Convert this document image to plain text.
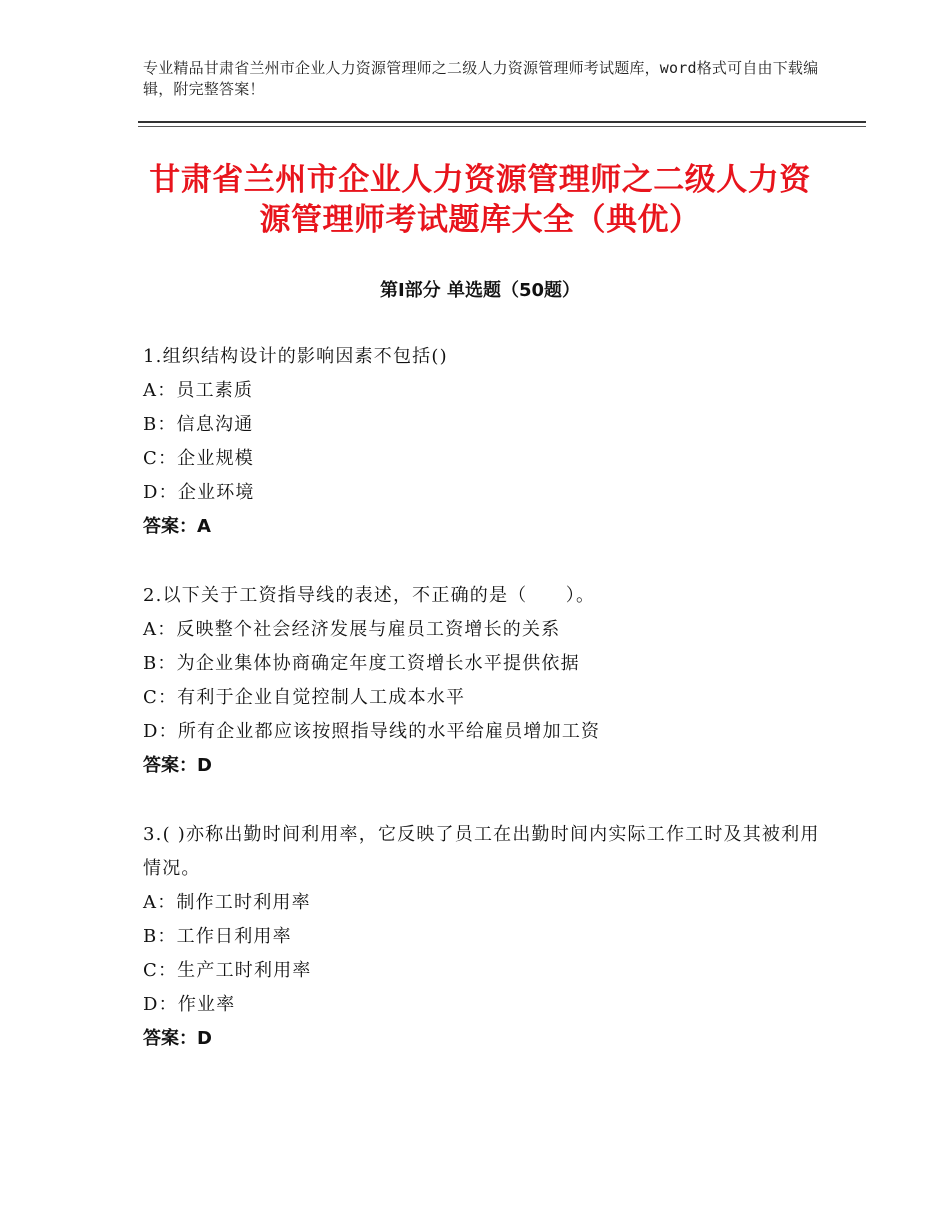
专业精品甘肃省兰州市企业人力资源管理师之二级人力资源管理师考试题库，word格式可自由下载编辑，附完整答案！
甘肃省兰州市企业人力资源管理师之二级人力资源管理师考试题库大全（典优）
第Ⅰ部分 单选题（50题）
1.组织结构设计的影响因素不包括()
A：员工素质
B：信息沟通
C：企业规模
D：企业环境
答案：A
2.以下关于工资指导线的表述，不正确的是（　　）。
A：反映整个社会经济发展与雇员工资增长的关系
B：为企业集体协商确定年度工资增长水平提供依据
C：有利于企业自觉控制人工成本水平
D：所有企业都应该按照指导线的水平给雇员增加工资
答案：D
3.( )亦称出勤时间利用率，它反映了员工在出勤时间内实际工作工时及其被利用情况。
A：制作工时利用率
B：工作日利用率
C：生产工时利用率
D：作业率
答案：D
